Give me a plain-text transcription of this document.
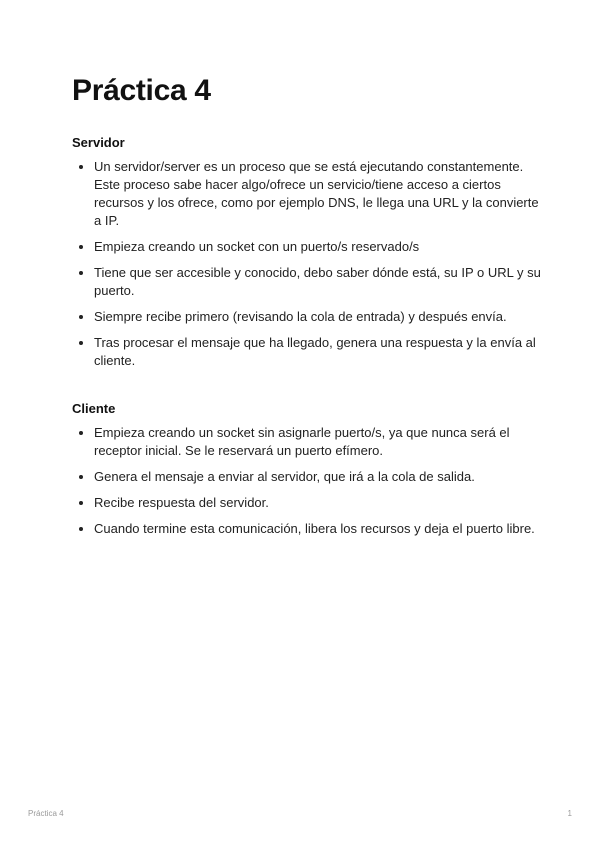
Práctica 4
Servidor
Un servidor/server es un proceso que se está ejecutando constantemente. Este proceso sabe hacer algo/ofrece un servicio/tiene acceso a ciertos recursos y los ofrece, como por ejemplo DNS, le llega una URL y la convierte a IP.
Empieza creando un socket con un puerto/s reservado/s
Tiene que ser accesible y conocido, debo saber dónde está, su IP o URL y su puerto.
Siempre recibe primero (revisando la cola de entrada) y después envía.
Tras procesar el mensaje que ha llegado, genera una respuesta y la envía al cliente.
Cliente
Empieza creando un socket sin asignarle puerto/s, ya que nunca será el receptor inicial. Se le reservará un puerto efímero.
Genera el mensaje a enviar al servidor, que irá a la cola de salida.
Recibe respuesta del servidor.
Cuando termine esta comunicación, libera los recursos y deja el puerto libre.
Práctica 4	1
